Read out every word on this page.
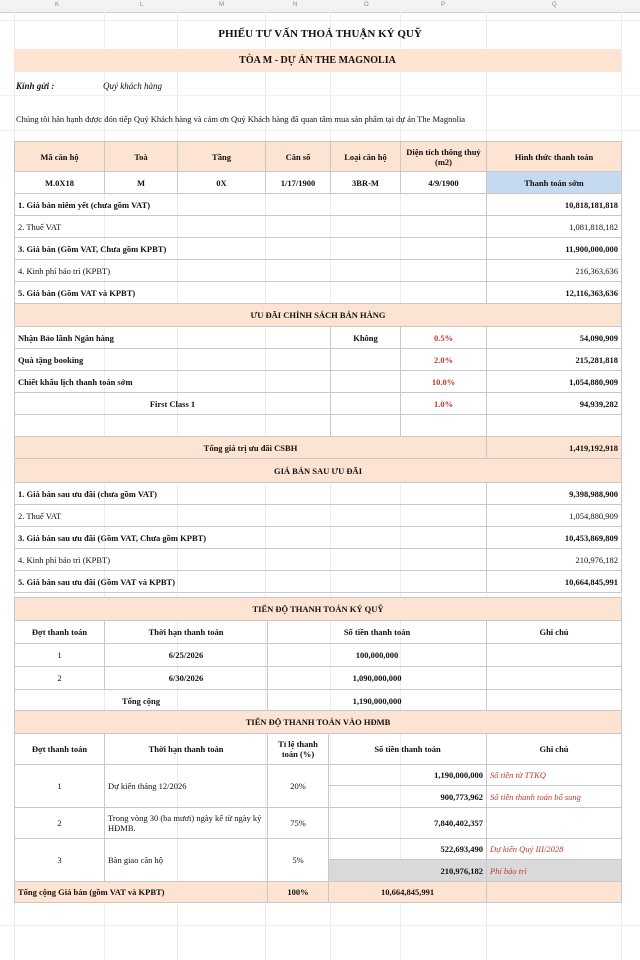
K	L	M	N	O	P	Q
PHIẾU TƯ VẤN THOẢ THUẬN KÝ QUỸ
TÒA M - DỰ ÁN THE MAGNOLIA
Kính gửi :	Quý khách hàng
Chúng tôi hân hạnh được đón tiếp Quý Khách hàng và cảm ơn Quý Khách hàng đã quan tâm mua sản phẩm tại dự án The Magnolia
Mã căn hộ	Toà	Tầng	Căn số	Loại căn hộ	Diện tích thông thuỷ (m2)	Hình thức thanh toán
M.0X18	M	0X	1/17/1900	3BR-M	4/9/1900	Thanh toán sớm
1. Giá bán niêm yết (chưa gồm VAT)						10,818,181,818
2. Thuế VAT						1,081,818,182
3. Giá bán (Gồm VAT, Chưa gồm KPBT)						11,900,000,000
4. Kinh phí bảo trì (KPBT)						216,363,636
5. Giá bán (Gồm VAT và KPBT)						12,116,363,636
ƯU ĐÃI CHÍNH SÁCH BÁN HÀNG						
Nhận Bảo lãnh Ngân hàng				Không	0.5%	54,090,909
Quà tặng booking					2.0%	215,281,818
Chiết khấu lịch thanh toán sớm					10.0%	1,054,880,909
First Class 1					1.0%	94,939,282

Tổng giá trị ưu đãi CSBH						1,419,192,918
GIÁ BÁN SAU ƯU ĐÃI						
1. Giá bán sau ưu đãi (chưa gồm VAT)						9,398,988,900
2. Thuế VAT						1,054,880,909
3. Giá bán sau ưu đãi (Gồm VAT, Chưa gồm KPBT)						10,453,869,809
4. Kinh phí bảo trì (KPBT)						210,976,182
5. Giá bán sau ưu đãi (Gồm VAT và KPBT)						10,664,845,991
TIẾN ĐỘ THANH TOÁN KÝ QUỸ			
Đợt thanh toán	Thời hạn thanh toán	Số tiền thanh toán	Ghi chú
1	6/25/2026	100,000,000	
2	6/30/2026	1,090,000,000	
Tổng cộng		1,190,000,000	
TIẾN ĐỘ THANH TOÁN VÀO HĐMB				
Đợt thanh toán	Thời hạn thanh toán	Tỉ lệ thanh toán (%)	Số tiền thanh toán	Ghi chú
1	Dự kiến tháng 12/2026	20%	1,190,000,000	Số tiền từ TTKQ
			900,773,962	Số tiền thanh toán bổ sung
2	Trong vòng 30 (ba mươi) ngày kể từ ngày ký HĐMB.	75%	7,840,402,357	
3	Bàn giao căn hộ	5%	522,693,490	Dự kiến Quý III/2028
			210,976,182	Phí bảo trì
Tổng cộng Giá bán (gồm VAT và KPBT)		100%	10,664,845,991	
